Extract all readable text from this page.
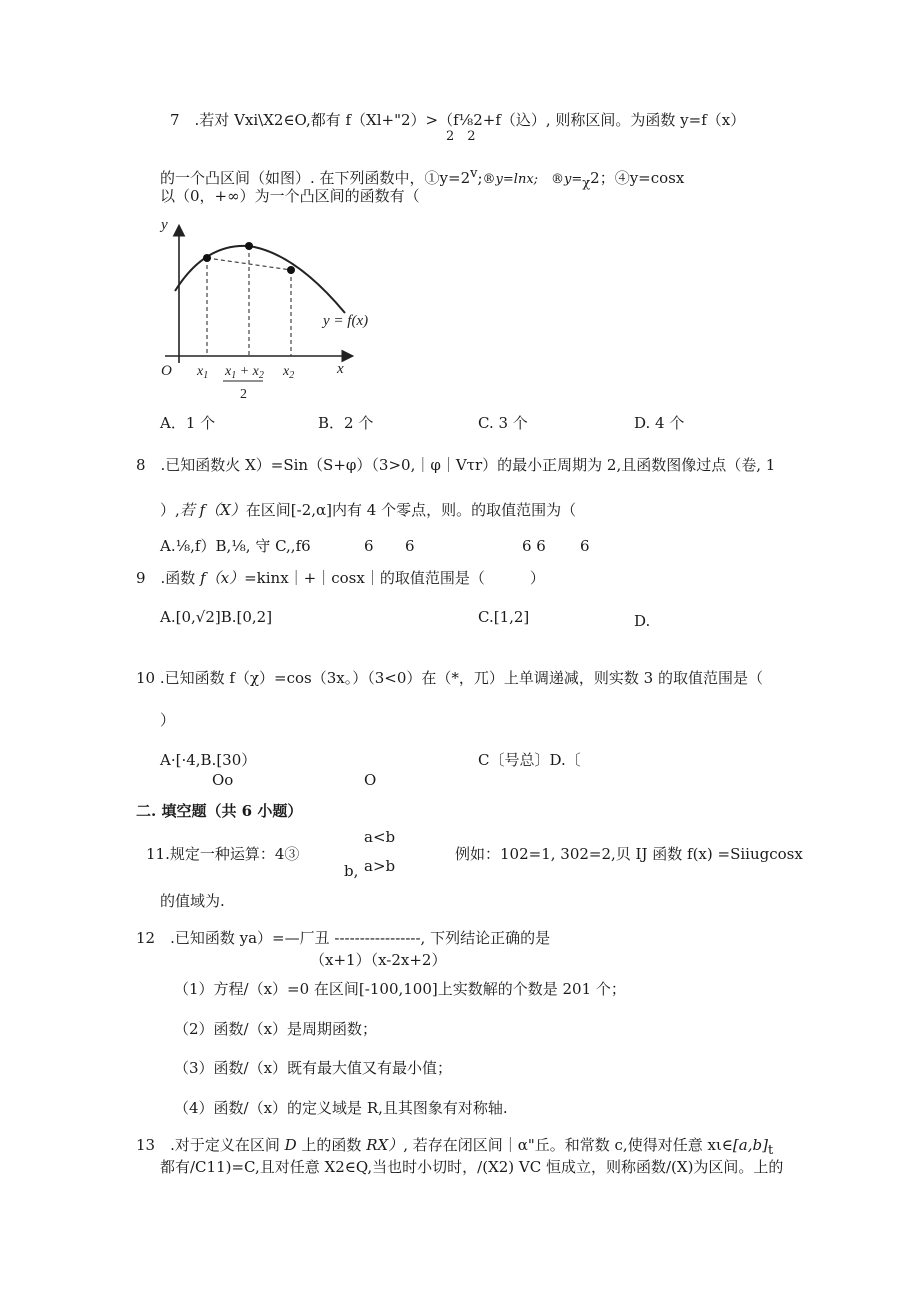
7　.若对 Vxi\X2∈O,都有 f（Xl+"2）>（f⅛2+f（込）, 则称区间。为函数 y=f（x）
2　2
的一个凸区间（如图）. 在下列函数中，$①y=2^v;®y=\ln x$;　$®y=_\chi 2$；④y=cosx
以（0，+∞）为一个凸区间的函数有（
y
x
O $x_1$ $x_1 + x_2$
2
$x_2$
y = f(x)
A．1 个	B．2 个	C. 3 个	D. 4 个
8　.已知函数火 X）=Sin（S+φ）（3>0,｜φ｜Vτr）的最小正周期为 2,且函数图像过点（卷, 1
）,若 f（X）在区间[-2,α]内有 4 个零点，则。的取值范围为（
A.⅛,f）B,⅛, 守 C,,f6	6 6	6 6 6
9　.函数 f（x）=kinx｜+｜cosx｜的取值范围是（　　　）
A.[0,√2]B.[0,2]	C.[1,2]	D.
10 .已知函数 f（χ）=cos（3x。）（3<0）在（*，兀）上单调递减，则实数 3 的取值范围是（
）
A·[·4,B.[30）
Oo	O
C〔号总〕D.〔
二. 填空题（共 6 小题）
a<b
11.规定一种运算：4③	例如：102=1, 302=2,贝 IJ 函数 f(x) =Siiugcosx
a>b
b,
的值域为.
12　.已知函数 ya）=—厂丑 -----------------, 下列结论正确的是
（x+1）（x-2x+2）
（1）方程/（x）=0 在区间[-100,100]上实数解的个数是 201 个；
（2）函数/（x）是周期函数；
（3）函数/（x）既有最大值又有最小值；
（4）函数/（x）的定义域是 R,且其图象有对称轴.
13　.对于定义在区间 D 上的函数 RX）, 若存在闭区间｜α"丘。和常数 c,使得对任意 $x\iota\in[a,b]_t$
都有/C11)=C,且对任意 X2∈Q,当也时小切时，/(X2) VC 恒成立，则称函数/(X)为区间。上的
